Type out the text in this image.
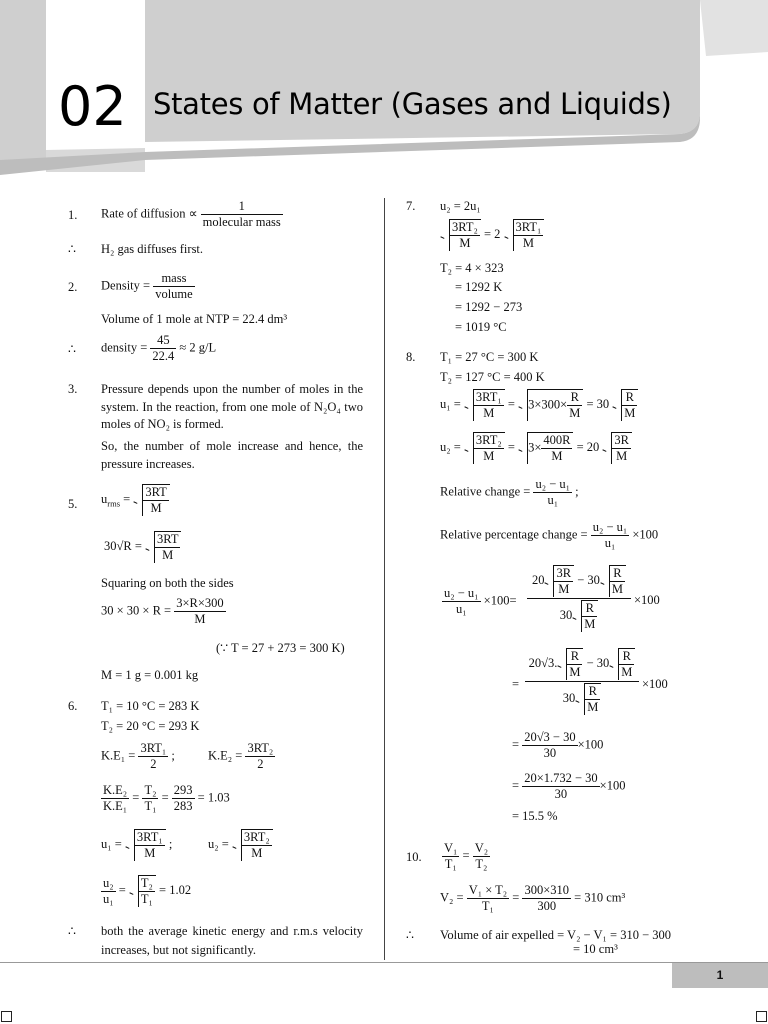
02 States of Matter (Gases and Liquids)
1. Rate of diffusion ∝ $\frac{1}{\text{molecular mass}}$
∴ H₂ gas diffuses first.
2. Density = $\frac{\text{mass}}{\text{volume}}$
Volume of 1 mole at NTP = 22.4 dm³
∴ density = $\frac{45}{22.4} \approx 2$ g/L
3. Pressure depends upon the number of moles in the system. In the reaction, from one mole of N₂O₄ two moles of NO₂ is formed.
So, the number of mole increase and hence, the pressure increases.
5. $u_{rms} = \frac{3RT}{M}$
$30√R = \frac{3RT}{M}$
Squaring on both the sides
$30 \times 30 \times R = \frac{3\times R\times 300}{M}$
(∵ T = 27 + 273 = 300 K)
M = 1 g = 0.001 kg
6. T₁ = 10 °C = 283 K
T₂ = 20 °C = 293 K
$K.E_1 = \frac{\text{3RT₁}}{2}$ ;	$K.E_2 = \frac{\text{3RT₂}}{2}$
$\frac{\text{K.E₂}}{\text{K.E₁}} = \frac{\text{T₂}}{\text{T₁}} = \frac{293}{283} = 1.03$
$u_1 = \frac{\text{3RT₁}}{M}$ ;	$u_2 = \frac{\text{3RT₂}}{M}$
$\frac{\text{u₂}}{\text{u₁}} = \frac{\text{T₂}}{\text{T₁}} = 1.02$
∴ both the average kinetic energy and r.m.s velocity increases, but not significantly.
7. u₂ = 2u₁
$\frac{\text{3RT₂}}{M} = 2 \frac{\text{3RT₁}}{M}$
T₂ = 4 × 323
= 1292 K
= 1292 − 273
= 1019 °C
8. T₁ = 27 °C = 300 K
T₂ = 127 °C = 400 K
$u_1 = \frac{\text{3RT₁}}{M} = 3\times 300\times \frac{R}{M} = 30 \frac{R}{M}$
$u_2 = \frac{\text{3RT₂}}{M} = 3\times \frac{400R}{M} = 20 \frac{3R}{M}$
Relative change = $\frac{\text{u₂ − u₁}}{\text{u₁}}$ ;
Relative percentage change = $\frac{\text{u₂ − u₁}}{\text{u₁}} \times 100$
$\frac{\text{u₂ − u₁}}{\text{u₁}} \times 100= \frac{20 \frac{3R}{M} - 30 \frac{R}{M}}{30 \frac{R}{M}} \times 100$
= $\frac{20√3. \frac{R}{M} - 30 \frac{R}{M}}{30 \frac{R}{M}} \times 100$
= $\frac{20√3 - 30}{30} \times 100$
= $\frac{20\times 1.732 - 30}{30} \times 100$
= 15.5 %
10. $\frac{\text{V₁}}{\text{T₁}} = \frac{\text{V₂}}{\text{T₂}}$
$V_2 = \frac{\text{V₁ × T₂}}{\text{T₁}} = \frac{300\times 310}{300} = 310$ cm³
∴ Volume of air expelled = V₂ − V₁ = 310 − 300
= 10 cm³
1
